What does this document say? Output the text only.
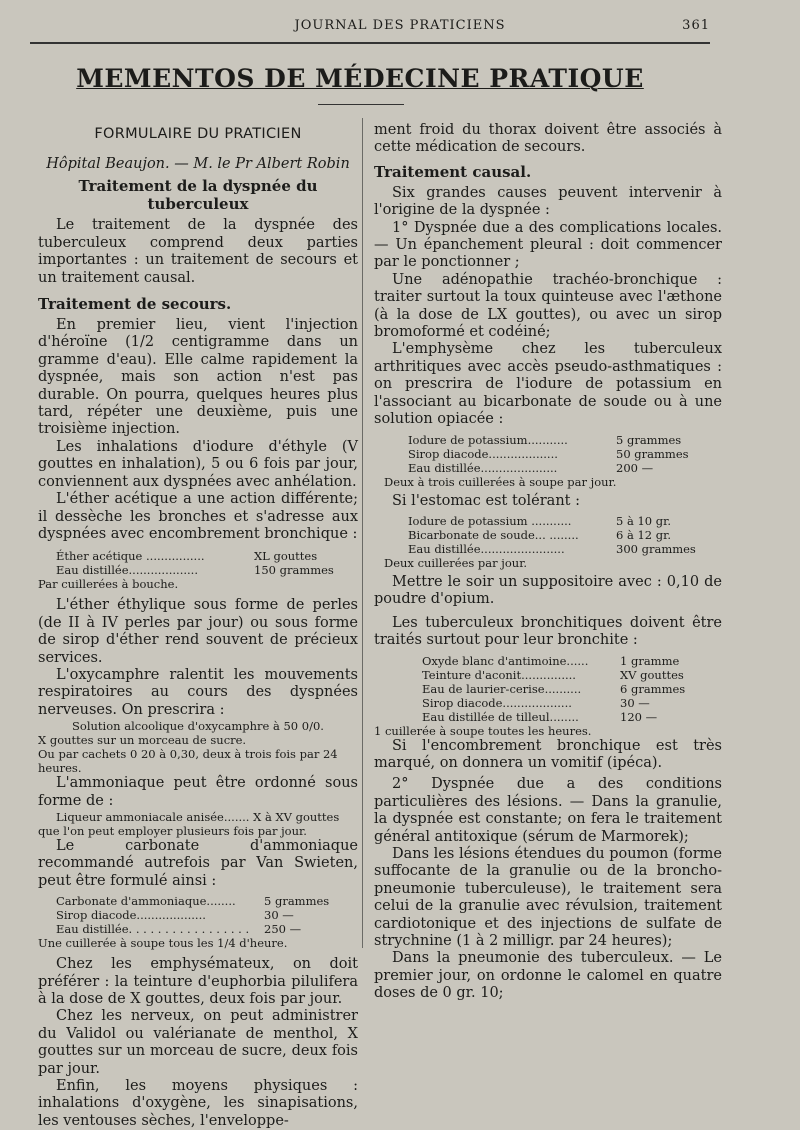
JOURNAL DES PRATICIENS	361
MEMENTOS DE MÉDECINE PRATIQUE
FORMULAIRE DU PRATICIEN

Hôpital Beaujon. — M. le Pr Albert Robin

Traitement de la dyspnée du tuberculeux

Le traitement de la dyspnée des tuberculeux comprend deux parties importantes : un traitement de secours et un traitement causal.

Traitement de secours.

En premier lieu, vient l'injection d'héroïne (1/2 centigramme dans un gramme d'eau). Elle calme rapidement la dyspnée, mais son action n'est pas durable. On pourra, quelques heures plus tard, répéter une deuxième, puis une troisième injection.

Les inhalations d'iodure d'éthyle (V gouttes en inhalation), 5 ou 6 fois par jour, conviennent aux dyspnées avec anhélation.

L'éther acétique a une action différente; il dessèche les bronches et s'adresse aux dyspnées avec encombrement bronchique :

Éther acétique ................	XL gouttes
Eau distillée...................	150 grammes

Par cuillerées à bouche.

L'éther éthylique sous forme de perles (de II à IV perles par jour) ou sous forme de sirop d'éther rend souvent de précieux services.

L'oxycamphre ralentit les mouvements respiratoires au cours des dyspnées nerveuses. On prescrira :

Solution alcoolique d'oxycamphre à 50 0/0.

X gouttes sur un morceau de sucre.

Ou par cachets 0 20 à 0,30, deux à trois fois par 24 heures.

L'ammoniaque peut être ordonné sous forme de :

Liqueur ammoniacale anisée....... X à XV gouttes

que l'on peut employer plusieurs fois par jour.

Le carbonate d'ammoniaque recommandé autrefois par Van Swieten, peut être formulé ainsi :

Carbonate d'ammoniaque........	5 grammes
Sirop diacode...................	30 —
Eau distillée. . . . . . . . . . . . . . . . .	250 —

Une cuillerée à soupe tous les 1/4 d'heure.

Chez les emphysémateux, on doit préférer : la teinture d'euphorbia pilulifera à la dose de X gouttes, deux fois par jour.

Chez les nerveux, on peut administrer du Validol ou valérianate de menthol, X gouttes sur un morceau de sucre, deux fois par jour.

Enfin, les moyens physiques : inhalations d'oxygène, les sinapisations, les ventouses sèches, l'enveloppe-

ment froid du thorax doivent être associés à cette médication de secours.

Traitement causal.

Six grandes causes peuvent intervenir à l'origine de la dyspnée :

1° Dyspnée due a des complications locales. — Un épanchement pleural : doit commencer par le ponctionner ;

Une adénopathie trachéo-bronchique : traiter surtout la toux quinteuse avec l'æthone (à la dose de LX gouttes), ou avec un sirop bromoformé et codéiné;

L'emphysème chez les tuberculeux arthritiques avec accès pseudo-asthmatiques : on prescrira de l'iodure de potassium en l'associant au bicarbonate de soude ou à une solution opiacée :

Iodure de potassium...........	5 grammes
Sirop diacode...................	50 grammes
Eau distillée.....................	200 —

Deux à trois cuillerées à soupe par jour.

Si l'estomac est tolérant :

Iodure de potassium ...........	5 à 10 gr.
Bicarbonate de soude... ........	6 à 12 gr.
Eau distillée.......................	300 grammes

Deux cuillerées par jour.

Mettre le soir un suppositoire avec : 0,10 de poudre d'opium.

Les tuberculeux bronchitiques doivent être traités surtout pour leur bronchite :

Oxyde blanc d'antimoine......	1 gramme
Teinture d'aconit...............	XV gouttes
Eau de laurier-cerise..........	6 grammes
Sirop diacode...................	30 —
Eau distillée de tilleul........	120 —

1 cuillerée à soupe toutes les heures.

Si l'encombrement bronchique est très marqué, on donnera un vomitif (ipéca).

2° Dyspnée due a des conditions particulières des lésions. — Dans la granulie, la dyspnée est constante; on fera le traitement général antitoxique (sérum de Marmorek);

Dans les lésions étendues du poumon (forme suffocante de la granulie ou de la broncho-pneumonie tuberculeuse), le traitement sera celui de la granulie avec révulsion, traitement cardiotonique et des injections de sulfate de strychnine (1 à 2 milligr. par 24 heures);

Dans la pneumonie des tuberculeux. — Le premier jour, on ordonne le calomel en quatre doses de 0 gr. 10;
